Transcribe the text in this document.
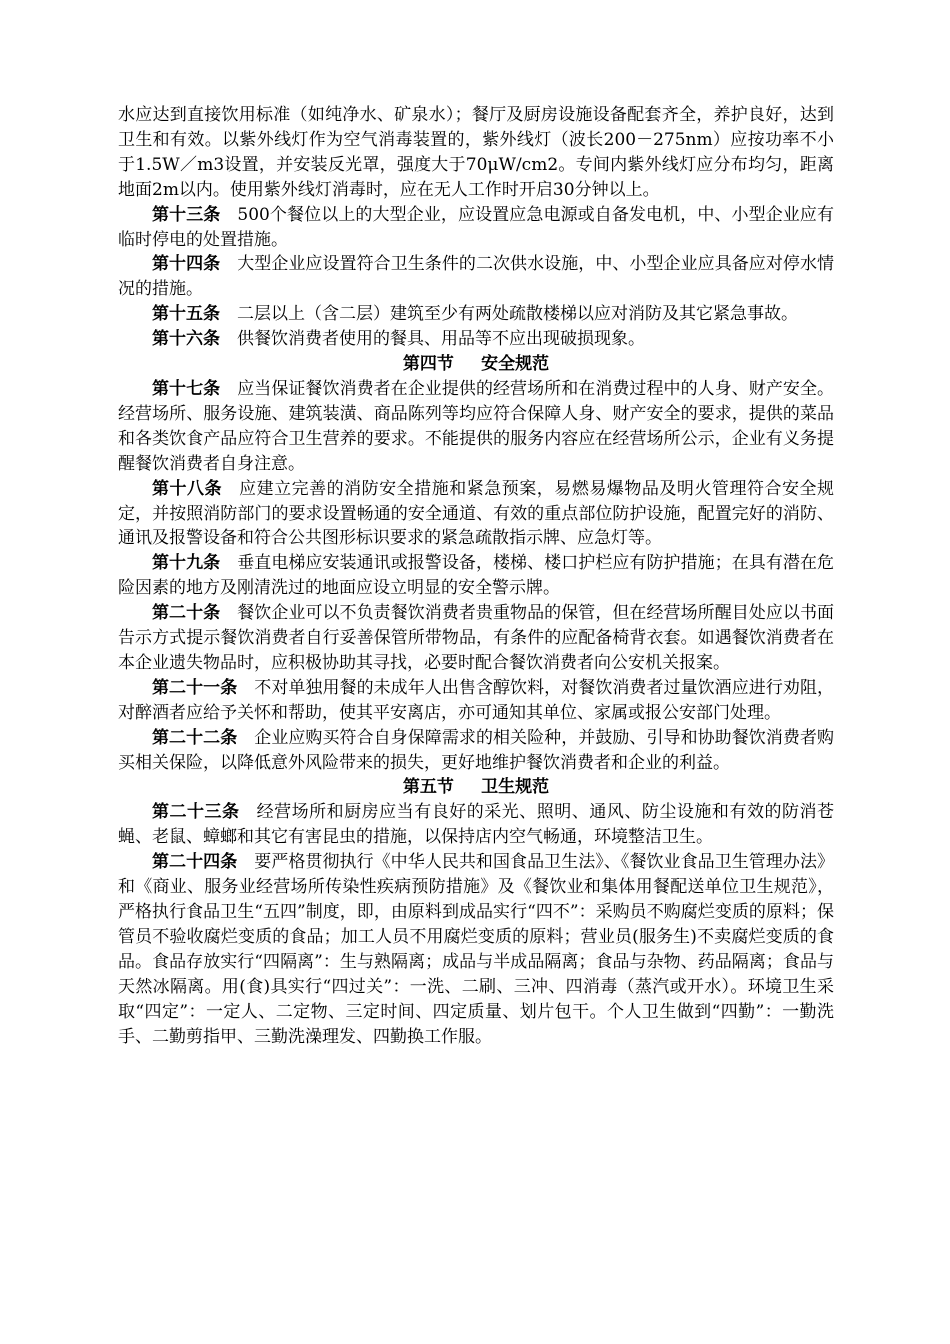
水应达到直接饮用标准（如纯净水、矿泉水）；餐厅及厨房设施设备配套齐全，养护良好，达到卫生和有效。以紫外线灯作为空气消毒装置的，紫外线灯（波长200－275nm）应按功率不小于1.5W／m3设置，并安装反光罩，强度大于70μW/cm2。专间内紫外线灯应分布均匀，距离地面2m以内。使用紫外线灯消毒时，应在无人工作时开启30分钟以上。

第十三条 500个餐位以上的大型企业，应设置应急电源或自备发电机，中、小型企业应有临时停电的处置措施。

第十四条 大型企业应设置符合卫生条件的二次供水设施，中、小型企业应具备应对停水情况的措施。

第十五条 二层以上（含二层）建筑至少有两处疏散楼梯以应对消防及其它紧急事故。

第十六条 供餐饮消费者使用的餐具、用品等不应出现破损现象。

第四节 安全规范

第十七条 应当保证餐饮消费者在企业提供的经营场所和在消费过程中的人身、财产安全。经营场所、服务设施、建筑装潢、商品陈列等均应符合保障人身、财产安全的要求，提供的菜品和各类饮食产品应符合卫生营养的要求。不能提供的服务内容应在经营场所公示，企业有义务提醒餐饮消费者自身注意。

第十八条 应建立完善的消防安全措施和紧急预案，易燃易爆物品及明火管理符合安全规定，并按照消防部门的要求设置畅通的安全通道、有效的重点部位防护设施，配置完好的消防、通讯及报警设备和符合公共图形标识要求的紧急疏散指示牌、应急灯等。

第十九条 垂直电梯应安装通讯或报警设备，楼梯、楼口护栏应有防护措施；在具有潜在危险因素的地方及刚清洗过的地面应设立明显的安全警示牌。

第二十条 餐饮企业可以不负责餐饮消费者贵重物品的保管，但在经营场所醒目处应以书面告示方式提示餐饮消费者自行妥善保管所带物品，有条件的应配备椅背衣套。如遇餐饮消费者在本企业遗失物品时，应积极协助其寻找，必要时配合餐饮消费者向公安机关报案。

第二十一条 不对单独用餐的未成年人出售含醇饮料，对餐饮消费者过量饮酒应进行劝阻，对醉酒者应给予关怀和帮助，使其平安离店，亦可通知其单位、家属或报公安部门处理。

第二十二条 企业应购买符合自身保障需求的相关险种，并鼓励、引导和协助餐饮消费者购买相关保险，以降低意外风险带来的损失，更好地维护餐饮消费者和企业的利益。

第五节 卫生规范

第二十三条 经营场所和厨房应当有良好的采光、照明、通风、防尘设施和有效的防消苍蝇、老鼠、蟑螂和其它有害昆虫的措施，以保持店内空气畅通，环境整洁卫生。

第二十四条 要严格贯彻执行《中华人民共和国食品卫生法》、《餐饮业食品卫生管理办法》和《商业、服务业经营场所传染性疾病预防措施》及《餐饮业和集体用餐配送单位卫生规范》，严格执行食品卫生“五四”制度，即，由原料到成品实行“四不”：采购员不购腐烂变质的原料；保管员不验收腐烂变质的食品；加工人员不用腐烂变质的原料；营业员(服务生)不卖腐烂变质的食品。食品存放实行“四隔离”：生与熟隔离；成品与半成品隔离；食品与杂物、药品隔离；食品与天然冰隔离。用(食)具实行“四过关”：一洗、二刷、三冲、四消毒（蒸汽或开水）。环境卫生采取“四定”：一定人、二定物、三定时间、四定质量、划片包干。个人卫生做到“四勤”：一勤洗手、二勤剪指甲、三勤洗澡理发、四勤换工作服。
